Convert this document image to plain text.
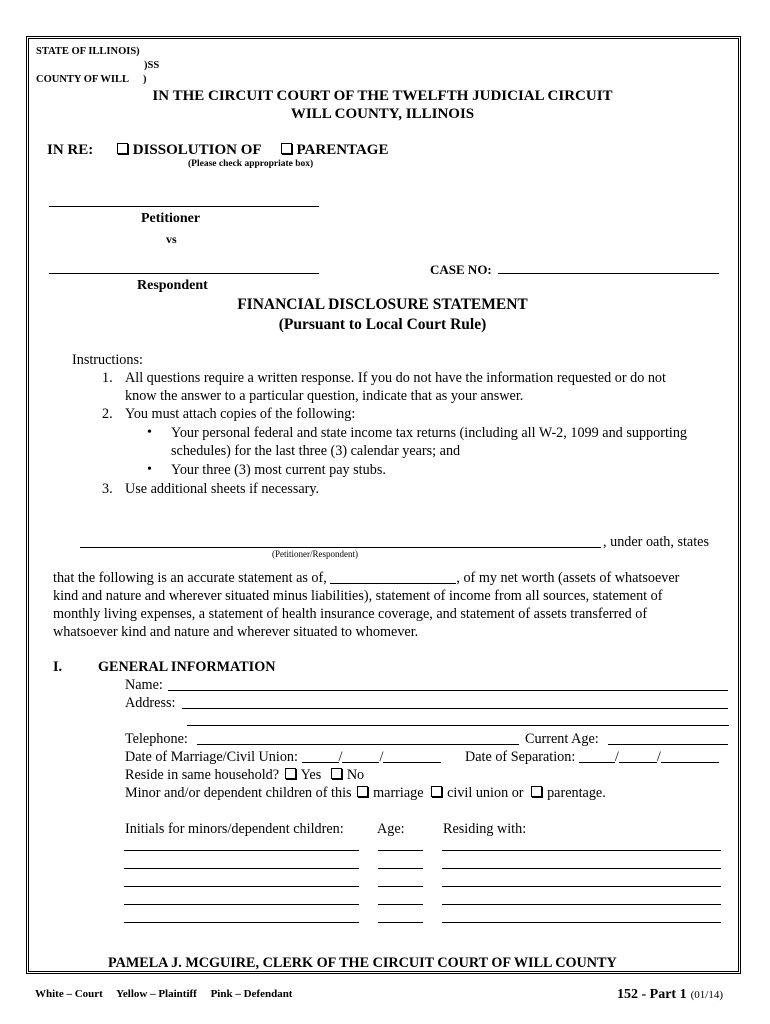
STATE OF ILLINOIS)
)SS
COUNTY OF WILL )
IN THE CIRCUIT COURT OF THE TWELFTH JUDICIAL CIRCUIT
WILL COUNTY, ILLINOIS
IN RE:	DISSOLUTION OF PARENTAGE
(Please check appropriate box)
Petitioner
vs
Respondent
CASE NO:
FINANCIAL DISCLOSURE STATEMENT
(Pursuant to Local Court Rule)
Instructions:
1. All questions require a written response. If you do not have the information requested or do not
know the answer to a particular question, indicate that as your answer.
2. You must attach copies of the following:
• Your personal federal and state income tax returns (including all W-2, 1099 and supporting
schedules) for the last three (3) calendar years; and
• Your three (3) most current pay stubs.
3. Use additional sheets if necessary.
, under oath, states
(Petitioner/Respondent)
that the following is an accurate statement as of,	, of my net worth (assets of whatsoever
kind and nature and wherever situated minus liabilities), statement of income from all sources, statement of
monthly living expenses, a statement of health insurance coverage, and statement of assets transferred of
whatsoever kind and nature and wherever situated to whomever.
I.	GENERAL INFORMATION
Name:
Address:
Telephone:	Current Age:
Date of Marriage/Civil Union:	/	/	Date of Separation:	/	/
Reside in same household? Yes No
Minor and/or dependent children of this marriage civil union or parentage.
Initials for minors/dependent children: Age:	Residing with:
PAMELA J. MCGUIRE, CLERK OF THE CIRCUIT COURT OF WILL COUNTY
White – Court     Yellow – Plaintiff     Pink – Defendant	152 - Part 1 (01/14)
